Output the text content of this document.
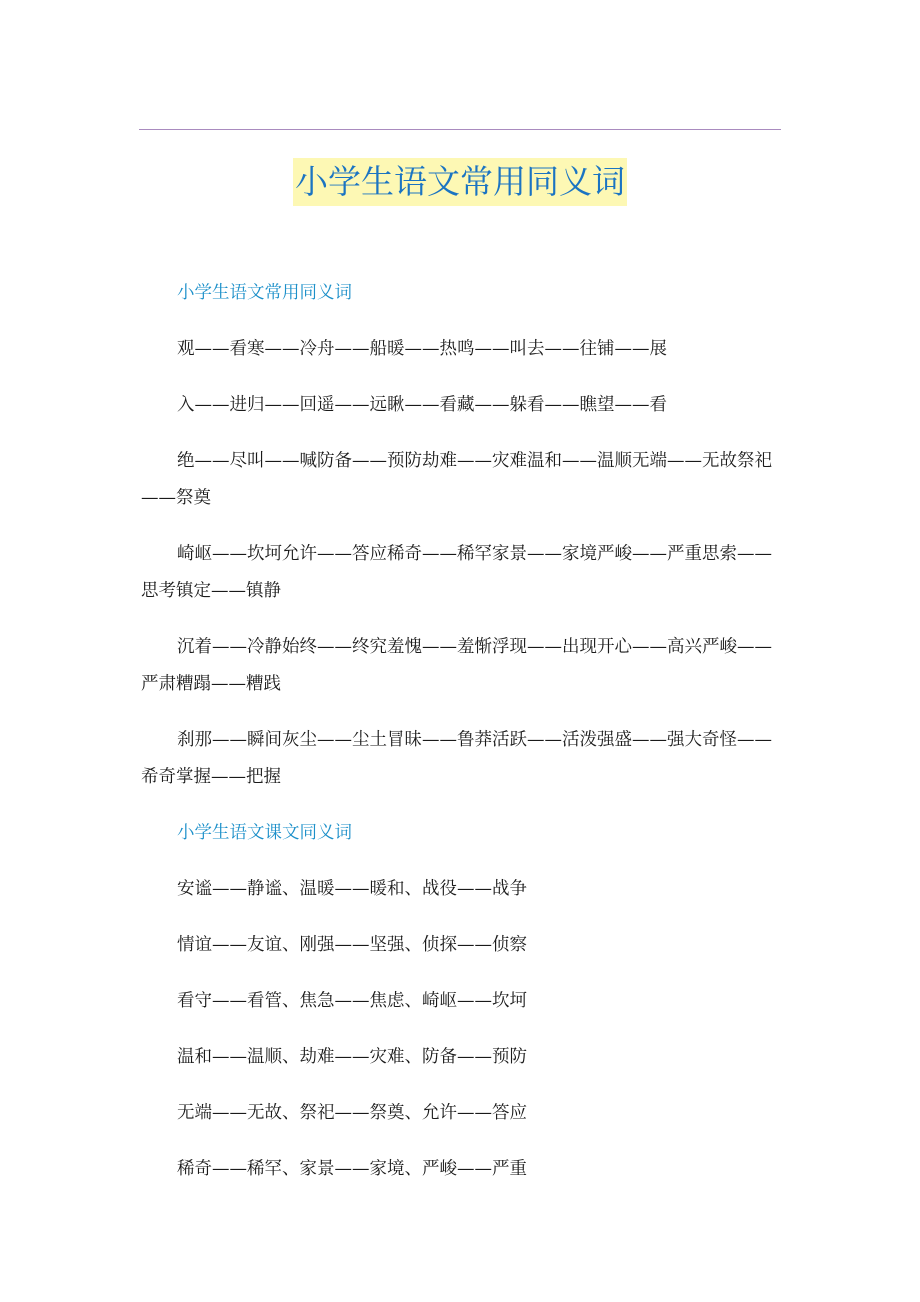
小学生语文常用同义词

小学生语文常用同义词

观——看寒——冷舟——船暖——热鸣——叫去——往铺——展

入——进归——回遥——远瞅——看藏——躲看——瞧望——看

绝——尽叫——喊防备——预防劫难——灾难温和——温顺无端——无故祭祀——祭奠

崎岖——坎坷允许——答应稀奇——稀罕家景——家境严峻——严重思索——思考镇定——镇静

沉着——冷静始终——终究羞愧——羞惭浮现——出现开心——高兴严峻——严肃糟蹋——糟践

刹那——瞬间灰尘——尘土冒昧——鲁莽活跃——活泼强盛——强大奇怪——希奇掌握——把握

小学生语文课文同义词

安谧——静谧、温暖——暖和、战役——战争

情谊——友谊、刚强——坚强、侦探——侦察

看守——看管、焦急——焦虑、崎岖——坎坷

温和——温顺、劫难——灾难、防备——预防

无端——无故、祭祀——祭奠、允许——答应

稀奇——稀罕、家景——家境、严峻——严重
